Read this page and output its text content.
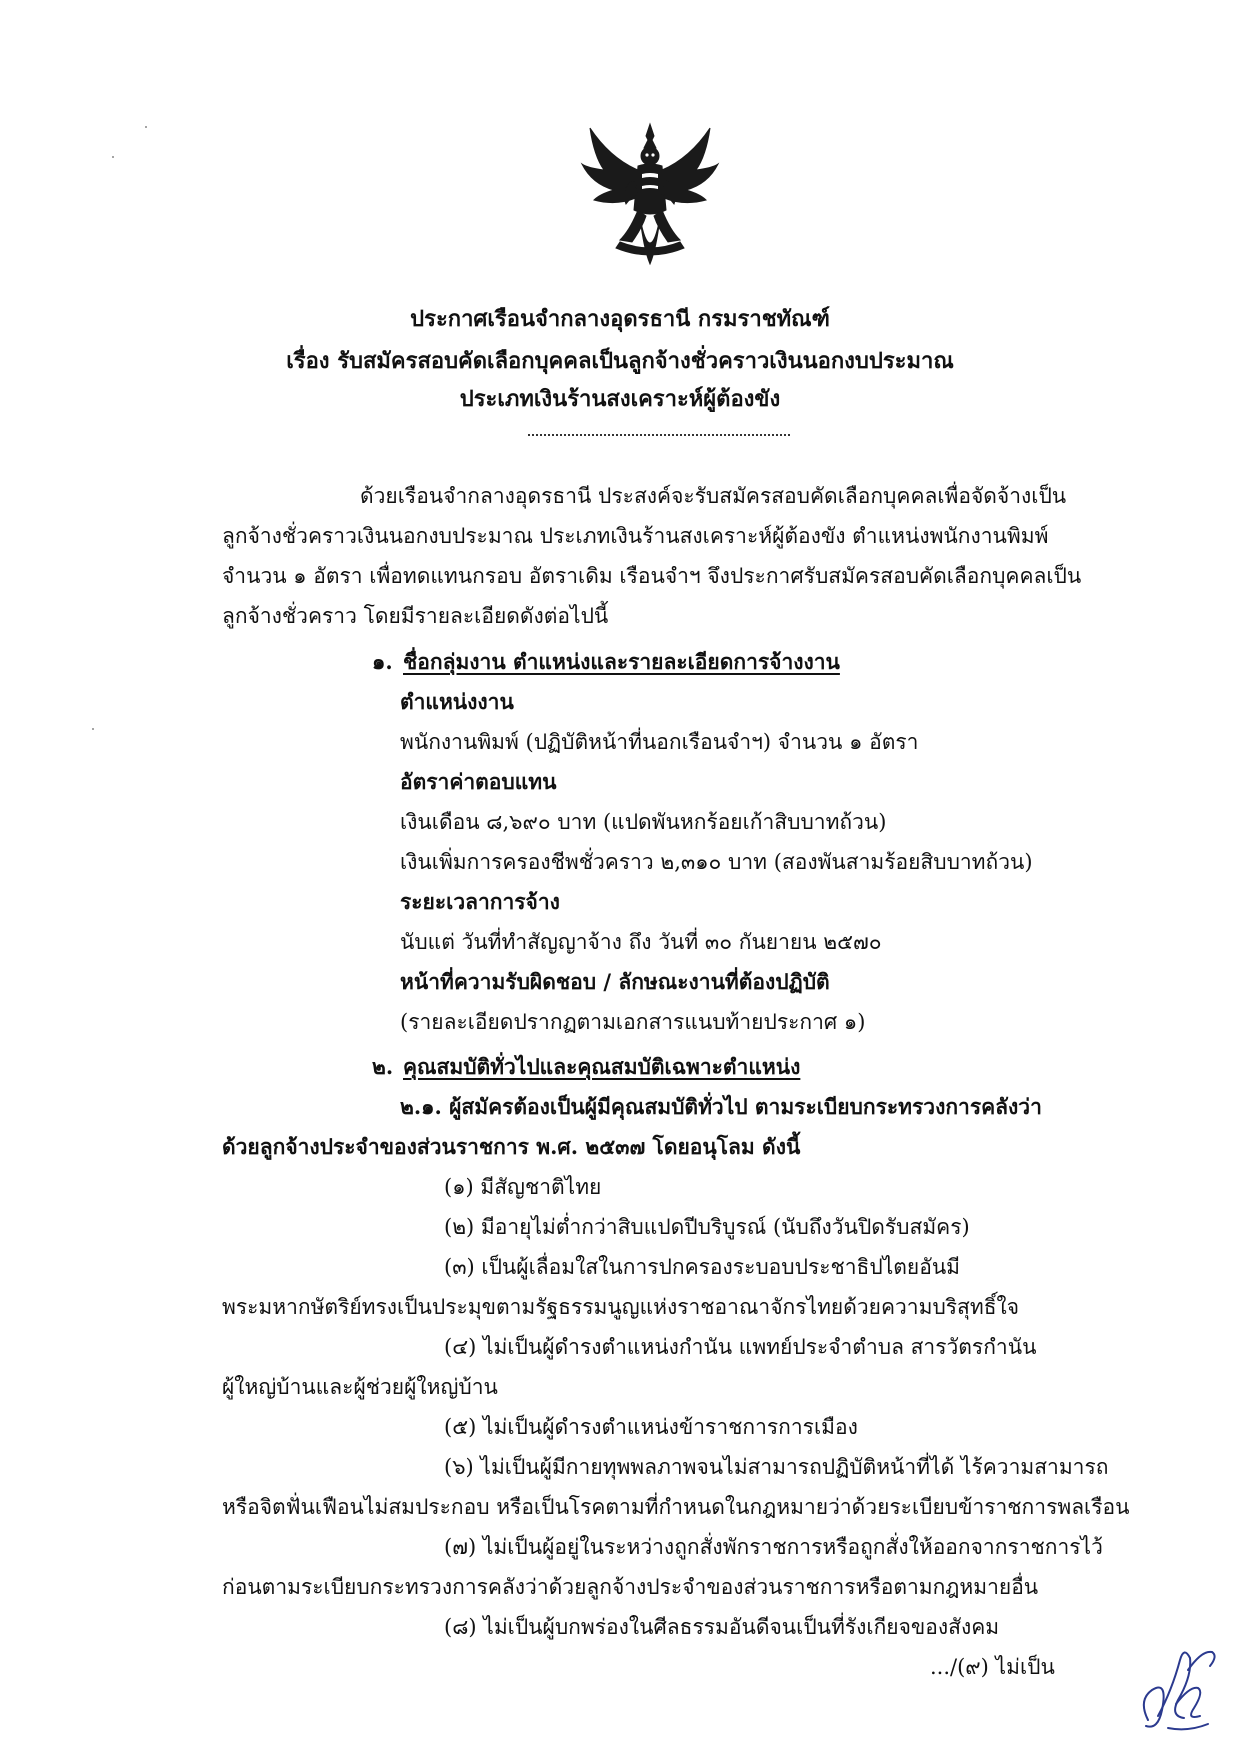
ประกาศเรือนจำกลางอุดรธานี กรมราชทัณฑ์
เรื่อง รับสมัครสอบคัดเลือกบุคคลเป็นลูกจ้างชั่วคราวเงินนอกงบประมาณ
ประเภทเงินร้านสงเคราะห์ผู้ต้องขัง
ด้วยเรือนจำกลางอุดรธานี ประสงค์จะรับสมัครสอบคัดเลือกบุคคลเพื่อจัดจ้างเป็น
ลูกจ้างชั่วคราวเงินนอกงบประมาณ ประเภทเงินร้านสงเคราะห์ผู้ต้องขัง ตำแหน่งพนักงานพิมพ์
จำนวน ๑ อัตรา เพื่อทดแทนกรอบ อัตราเดิม เรือนจำฯ จึงประกาศรับสมัครสอบคัดเลือกบุคคลเป็น
ลูกจ้างชั่วคราว โดยมีรายละเอียดดังต่อไปนี้
๑. ชื่อกลุ่มงาน ตำแหน่งและรายละเอียดการจ้างงาน
ตำแหน่งงาน
พนักงานพิมพ์ (ปฏิบัติหน้าที่นอกเรือนจำฯ) จำนวน ๑ อัตรา
อัตราค่าตอบแทน
เงินเดือน ๘,๖๙๐ บาท (แปดพันหกร้อยเก้าสิบบาทถ้วน)
เงินเพิ่มการครองชีพชั่วคราว ๒,๓๑๐ บาท (สองพันสามร้อยสิบบาทถ้วน)
ระยะเวลาการจ้าง
นับแต่ วันที่ทำสัญญาจ้าง ถึง วันที่ ๓๐ กันยายน ๒๕๗๐
หน้าที่ความรับผิดชอบ / ลักษณะงานที่ต้องปฏิบัติ
(รายละเอียดปรากฏตามเอกสารแนบท้ายประกาศ ๑)
๒. คุณสมบัติทั่วไปและคุณสมบัติเฉพาะตำแหน่ง
๒.๑. ผู้สมัครต้องเป็นผู้มีคุณสมบัติทั่วไป ตามระเบียบกระทรวงการคลังว่า
ด้วยลูกจ้างประจำของส่วนราชการ พ.ศ. ๒๕๓๗ โดยอนุโลม ดังนี้
(๑) มีสัญชาติไทย
(๒) มีอายุไม่ต่ำกว่าสิบแปดปีบริบูรณ์ (นับถึงวันปิดรับสมัคร)
(๓) เป็นผู้เลื่อมใสในการปกครองระบอบประชาธิปไตยอันมี
พระมหากษัตริย์ทรงเป็นประมุขตามรัฐธรรมนูญแห่งราชอาณาจักรไทยด้วยความบริสุทธิ์ใจ
(๔) ไม่เป็นผู้ดำรงตำแหน่งกำนัน แพทย์ประจำตำบล สารวัตรกำนัน
ผู้ใหญ่บ้านและผู้ช่วยผู้ใหญ่บ้าน
(๕) ไม่เป็นผู้ดำรงตำแหน่งข้าราชการการเมือง
(๖) ไม่เป็นผู้มีกายทุพพลภาพจนไม่สามารถปฏิบัติหน้าที่ได้ ไร้ความสามารถ
หรือจิตฟั่นเฟือนไม่สมประกอบ หรือเป็นโรคตามที่กำหนดในกฎหมายว่าด้วยระเบียบข้าราชการพลเรือน
(๗) ไม่เป็นผู้อยู่ในระหว่างถูกสั่งพักราชการหรือถูกสั่งให้ออกจากราชการไว้
ก่อนตามระเบียบกระทรวงการคลังว่าด้วยลูกจ้างประจำของส่วนราชการหรือตามกฎหมายอื่น
(๘) ไม่เป็นผู้บกพร่องในศีลธรรมอันดีจนเป็นที่รังเกียจของสังคม
.../(๙) ไม่เป็น
